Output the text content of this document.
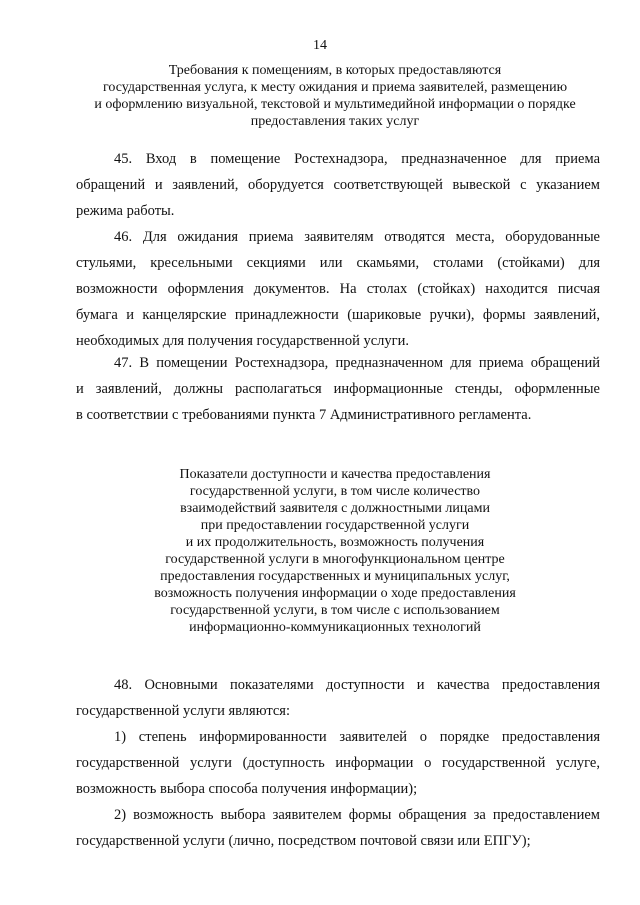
14
Требования к помещениям, в которых предоставляются
государственная услуга, к месту ожидания и приема заявителей, размещению
и оформлению визуальной, текстовой и мультимедийной информации о порядке
предоставления таких услуг
45. Вход в помещение Ростехнадзора, предназначенное для приема
обращений и заявлений, оборудуется соответствующей вывеской с указанием
режима работы.
46. Для ожидания приема заявителям отводятся места, оборудованные
стульями, кресельными секциями или скамьями, столами (стойками) для
возможности оформления документов. На столах (стойках) находится писчая
бумага и канцелярские принадлежности (шариковые ручки), формы заявлений,
необходимых для получения государственной услуги.
47. В помещении Ростехнадзора, предназначенном для приема обращений
и заявлений, должны располагаться информационные стенды, оформленные
в соответствии с требованиями пункта 7 Административного регламента.
Показатели доступности и качества предоставления
государственной услуги, в том числе количество
взаимодействий заявителя с должностными лицами
при предоставлении государственной услуги
и их продолжительность, возможность получения
государственной услуги в многофункциональном центре
предоставления государственных и муниципальных услуг,
возможность получения информации о ходе предоставления
государственной услуги, в том числе с использованием
информационно-коммуникационных технологий
48. Основными показателями доступности и качества предоставления
государственной услуги являются:
1) степень информированности заявителей о порядке предоставления
государственной услуги (доступность информации о государственной услуге,
возможность выбора способа получения информации);
2) возможность выбора заявителем формы обращения за предоставлением
государственной услуги (лично, посредством почтовой связи или ЕПГУ);
